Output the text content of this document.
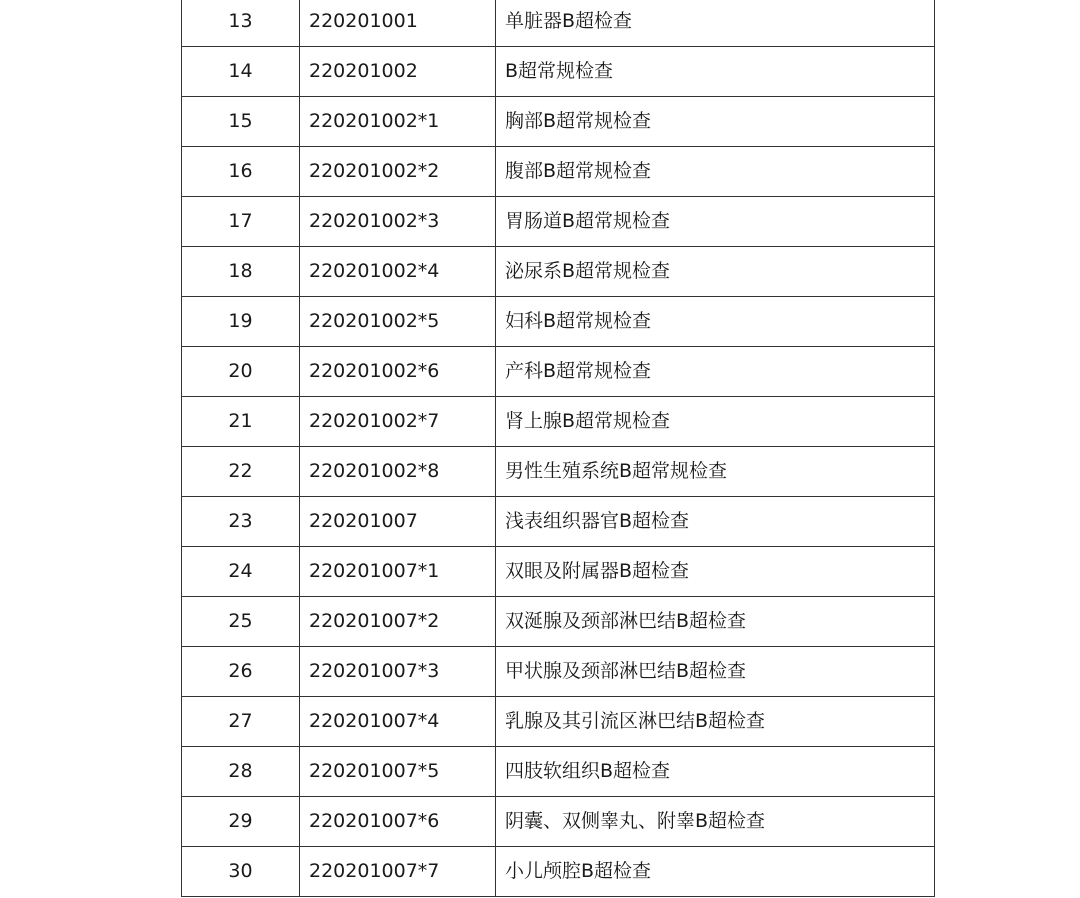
13	220201001	单脏器B超检查
14	220201002	B超常规检查
15	220201002*1	胸部B超常规检查
16	220201002*2	腹部B超常规检查
17	220201002*3	胃肠道B超常规检查
18	220201002*4	泌尿系B超常规检查
19	220201002*5	妇科B超常规检查
20	220201002*6	产科B超常规检查
21	220201002*7	肾上腺B超常规检查
22	220201002*8	男性生殖系统B超常规检查
23	220201007	浅表组织器官B超检查
24	220201007*1	双眼及附属器B超检查
25	220201007*2	双涎腺及颈部淋巴结B超检查
26	220201007*3	甲状腺及颈部淋巴结B超检查
27	220201007*4	乳腺及其引流区淋巴结B超检查
28	220201007*5	四肢软组织B超检查
29	220201007*6	阴囊、双侧睾丸、附睾B超检查
30	220201007*7	小儿颅腔B超检查
